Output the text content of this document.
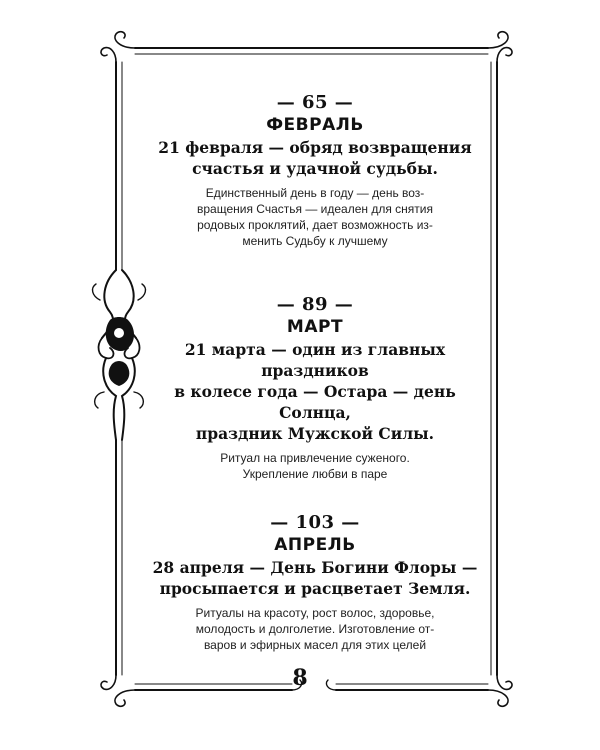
— 65 —
ФЕВРАЛЬ
21 февраля — обряд возвращения
счастья и удачной судьбы.
Единственный день в году — день воз-
вращения Счастья — идеален для снятия
родовых проклятий, дает возможность из-
менить Судьбу к лучшему
— 89 —
МАРТ
21 марта — один из главных праздников
в колесе года — Остара — день Солнца,
праздник Мужской Силы.
Ритуал на привлечение суженого.
Укрепление любви в паре
— 103 —
АПРЕЛЬ
28 апреля — День Богини Флоры —
просыпается и расцветает Земля.
Ритуалы на красоту, рост волос, здоровье,
молодость и долголетие. Изготовление от-
варов и эфирных масел для этих целей
8
